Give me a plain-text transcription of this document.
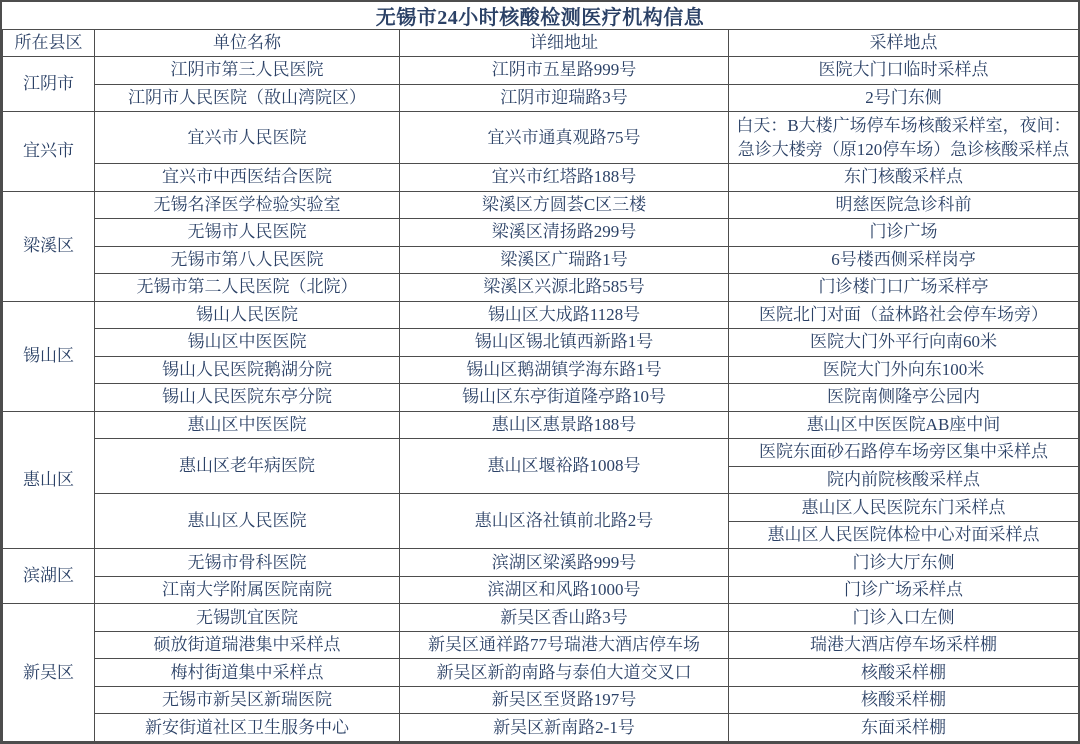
无锡市24小时核酸检测医疗机构信息
所在县区	单位名称	详细地址	采样地点
江阴市	江阴市第三人民医院	江阴市五星路999号	医院大门口临时采样点
	江阴市人民医院（敔山湾院区）	江阴市迎瑞路3号	2号门东侧
宜兴市	宜兴市人民医院	宜兴市通真观路75号	白天：B大楼广场停车场核酸采样室，夜间：急诊大楼旁（原120停车场）急诊核酸采样点
	宜兴市中西医结合医院	宜兴市红塔路188号	东门核酸采样点
梁溪区	无锡名泽医学检验实验室	梁溪区方圆荟C区三楼	明慈医院急诊科前
	无锡市人民医院	梁溪区清扬路299号	门诊广场
	无锡市第八人民医院	梁溪区广瑞路1号	6号楼西侧采样岗亭
	无锡市第二人民医院（北院）	梁溪区兴源北路585号	门诊楼门口广场采样亭
锡山区	锡山人民医院	锡山区大成路1128号	医院北门对面（益林路社会停车场旁）
	锡山区中医医院	锡山区锡北镇西新路1号	医院大门外平行向南60米
	锡山人民医院鹅湖分院	锡山区鹅湖镇学海东路1号	医院大门外向东100米
	锡山人民医院东亭分院	锡山区东亭街道隆亭路10号	医院南侧隆亭公园内
惠山区	惠山区中医医院	惠山区惠景路188号	惠山区中医医院AB座中间
	惠山区老年病医院	惠山区堰裕路1008号	医院东面砂石路停车场旁区集中采样点
			院内前院核酸采样点
	惠山区人民医院	惠山区洛社镇前北路2号	惠山区人民医院东门采样点
			惠山区人民医院体检中心对面采样点
滨湖区	无锡市骨科医院	滨湖区梁溪路999号	门诊大厅东侧
	江南大学附属医院南院	滨湖区和风路1000号	门诊广场采样点
新吴区	无锡凯宜医院	新吴区香山路3号	门诊入口左侧
	硕放街道瑞港集中采样点	新吴区通祥路77号瑞港大酒店停车场	瑞港大酒店停车场采样棚
	梅村街道集中采样点	新吴区新韵南路与泰伯大道交叉口	核酸采样棚
	无锡市新吴区新瑞医院	新吴区至贤路197号	核酸采样棚
	新安街道社区卫生服务中心	新吴区新南路2-1号	东面采样棚
